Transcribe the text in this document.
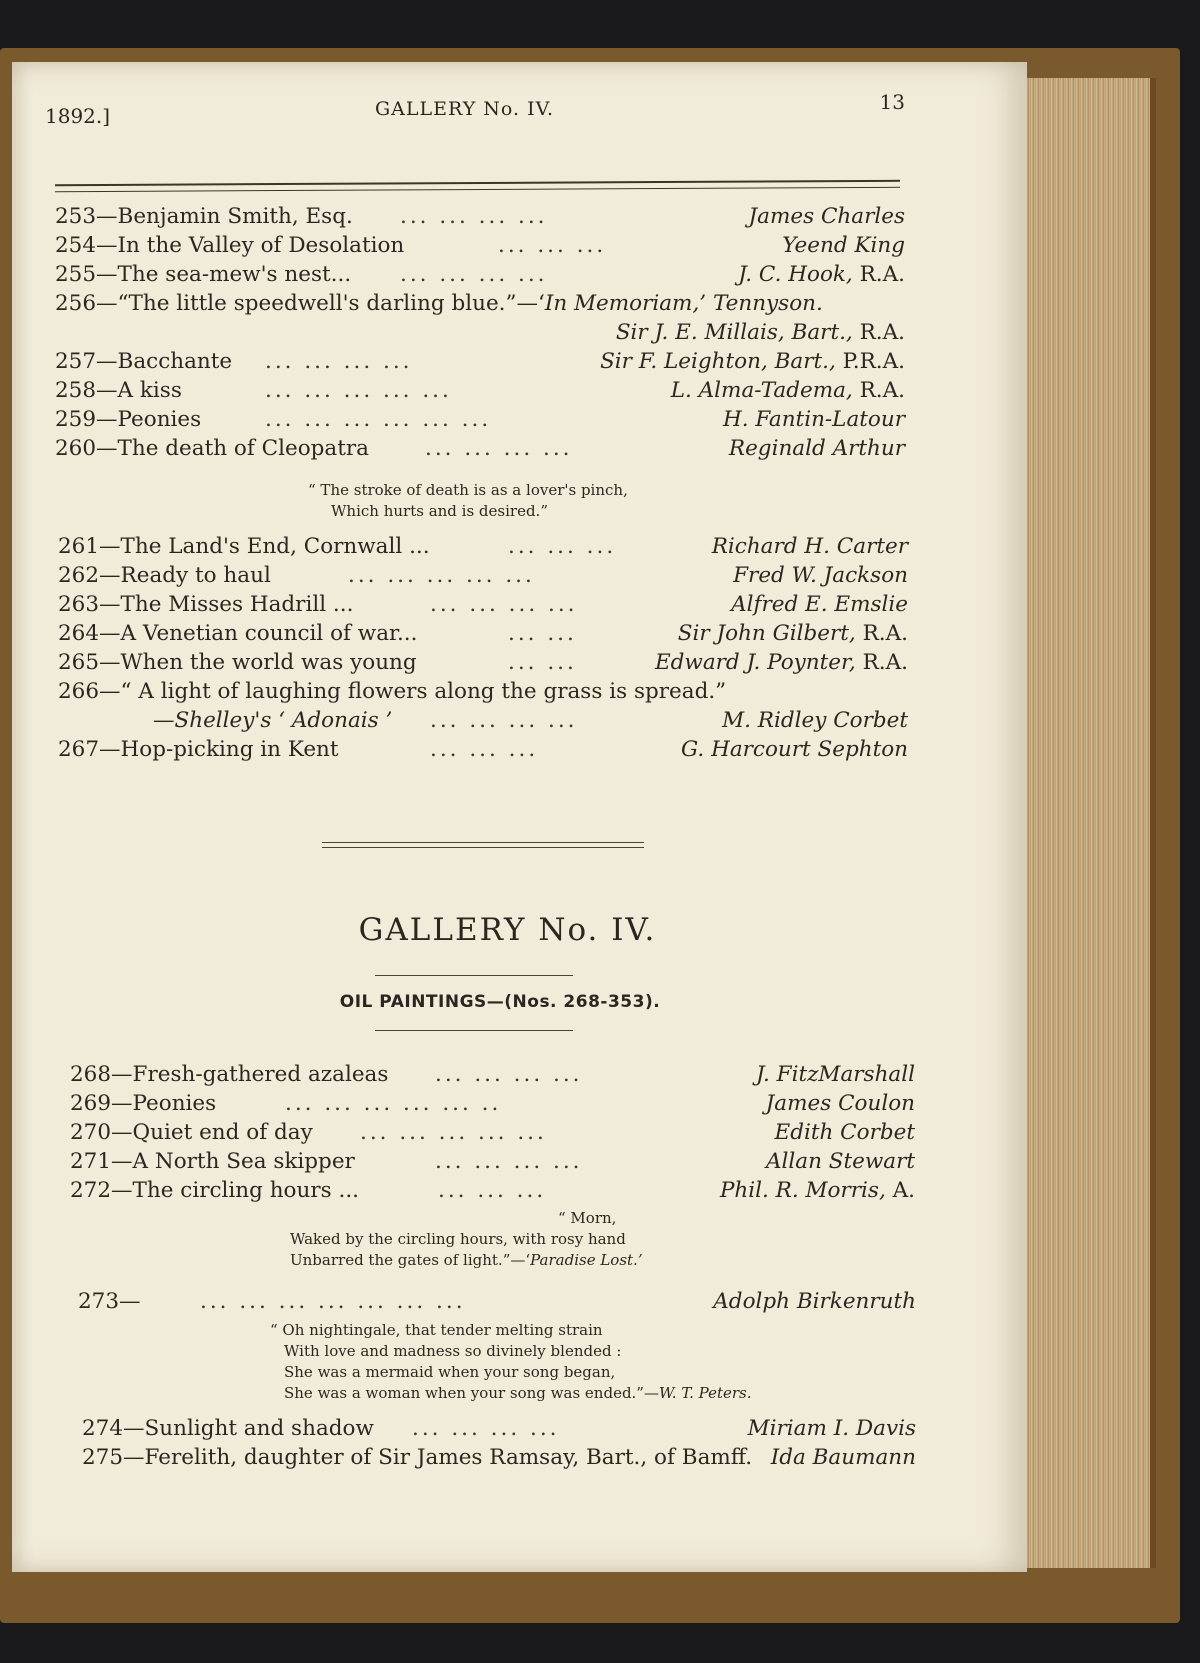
1892.]	GALLERY No. IV.	13
253—Benjamin Smith, Esq. ... ... ... ...	James Charles
254—In the Valley of Desolation	... ... ...	Yeend King
255—The sea-mew's nest... ... ... ... ...	J. C. Hook, R.A.
256—“The little speedwell's darling blue.”—‘In Memoriam,’ Tennyson.
Sir J. E. Millais, Bart., R.A.
257—Bacchante ... ... ... ...	Sir F. Leighton, Bart., P.R.A.
258—A kiss	... ... ... ... ...	L. Alma-Tadema, R.A.
259—Peonies	... ... ... ... ... ...	H. Fantin-Latour
260—The death of Cleopatra	... ... ... ...	Reginald Arthur
“ The stroke of death is as a lover's pinch,
Which hurts and is desired.”
261—The Land's End, Cornwall ...	... ... ...	Richard H. Carter
262—Ready to haul	... ... ... ... ...	Fred W. Jackson
263—The Misses Hadrill ...	... ... ... ...	Alfred E. Emslie
264—A Venetian council of war...	... ...	Sir John Gilbert, R.A.
265—When the world was young	... ...	Edward J. Poynter, R.A.
266—“ A light of laughing flowers along the grass is spread.”
—Shelley's ‘ Adonais ’ ... ... ... ...	M. Ridley Corbet
267—Hop-picking in Kent	... ... ...	G. Harcourt Sephton
GALLERY No. IV.
OIL PAINTINGS—(Nos. 268-353).
268—Fresh-gathered azaleas ... ... ... ...	J. FitzMarshall
269—Peonies	... ... ... ... ... ..	James Coulon
270—Quiet end of day ... ... ... ... ...	Edith Corbet
271—A North Sea skipper	... ... ... ...	Allan Stewart
272—The circling hours ...	... ... ...	Phil. R. Morris, A.
“ Morn,
Waked by the circling hours, with rosy hand
Unbarred the gates of light.”—‘Paradise Lost.’
273—	... ... ... ... ... ... ...	Adolph Birkenruth
“ Oh nightingale, that tender melting strain
With love and madness so divinely blended :
She was a mermaid when your song began,
She was a woman when your song was ended.”—W. T. Peters.
274—Sunlight and shadow ... ... ... ...	Miriam I. Davis
275—Ferelith, daughter of Sir James Ramsay, Bart., of Bamff. Ida Baumann
